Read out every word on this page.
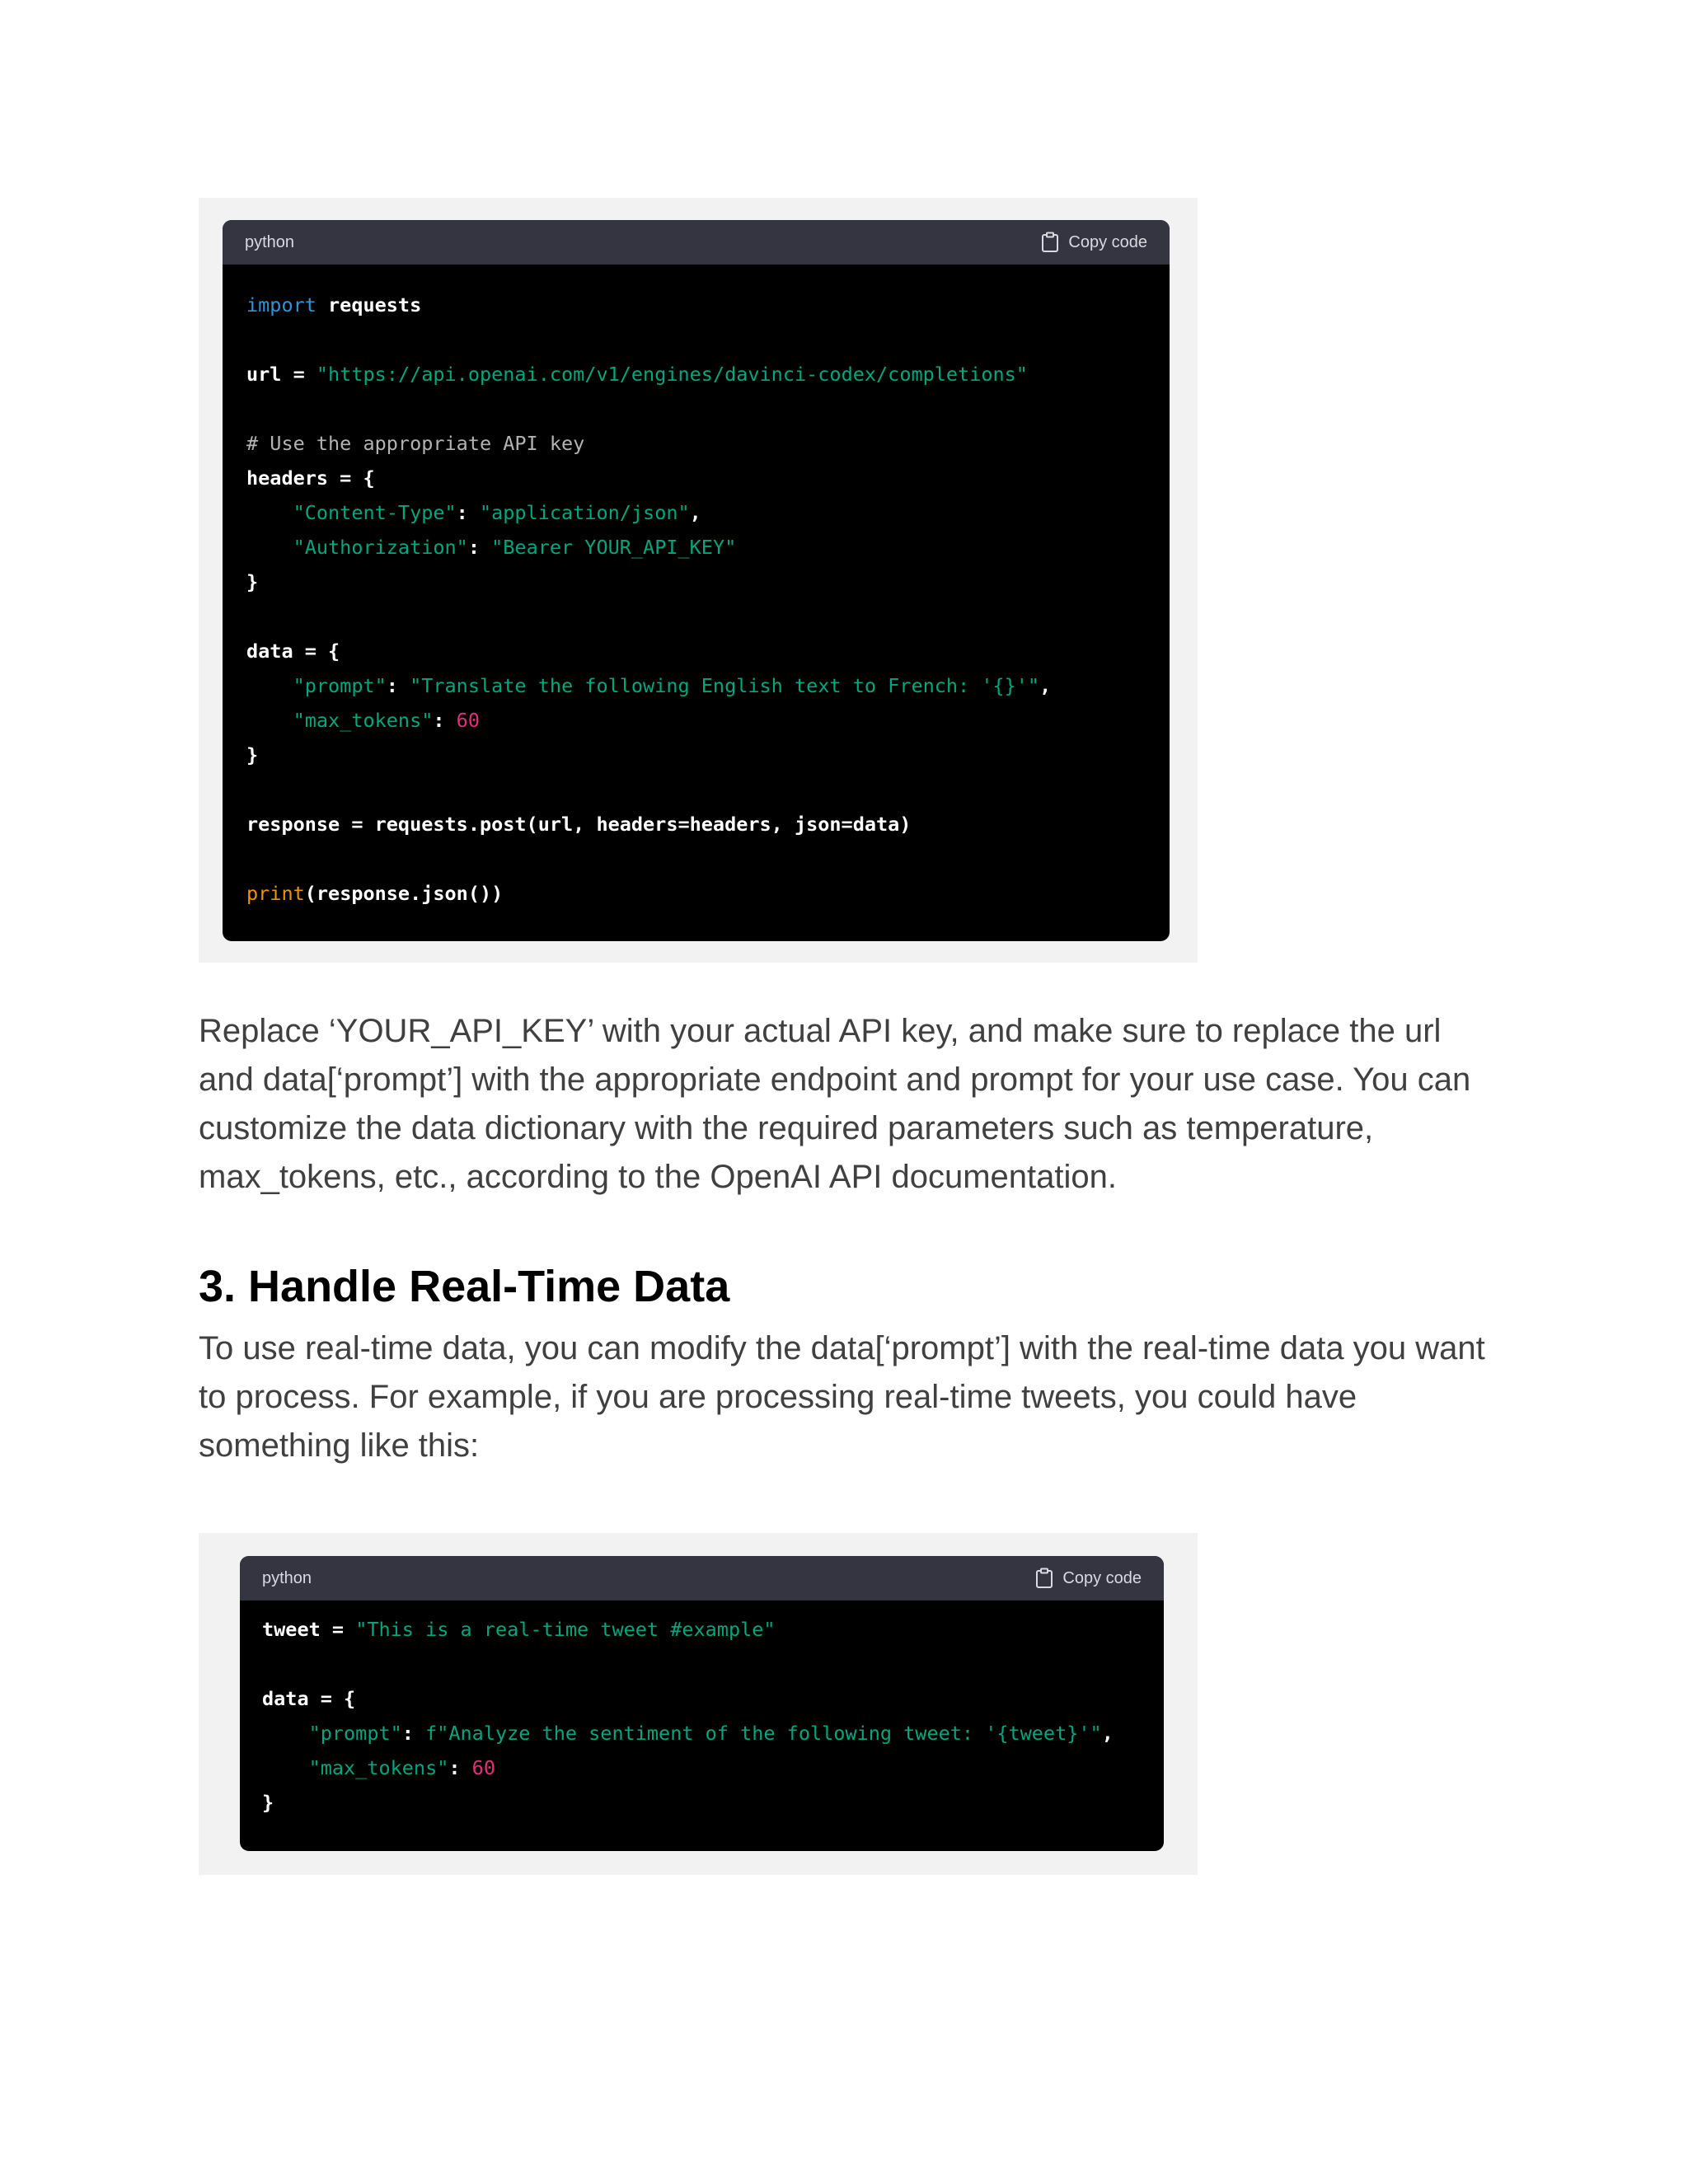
python	Copy code
import requests

url = "https://api.openai.com/v1/engines/davinci-codex/completions"

# Use the appropriate API key
headers = {
"Content-Type": "application/json",
"Authorization": "Bearer YOUR_API_KEY"
}

data = {
"prompt": "Translate the following English text to French: '{}'",
"max_tokens": 60
}

response = requests.post(url, headers=headers, json=data)

print(response.json())

Replace ‘YOUR_API_KEY’ with your actual API key, and make sure to replace the url and data[‘prompt’] with the appropriate endpoint and prompt for your use case. You can customize the data dictionary with the required parameters such as temperature, max_tokens, etc., according to the OpenAI API documentation.

3. Handle Real-Time Data

To use real-time data, you can modify the data[‘prompt’] with the real-time data you want to process. For example, if you are processing real-time tweets, you could have something like this:

python	Copy code
tweet = "This is a real-time tweet #example"

data = {
"prompt": f"Analyze the sentiment of the following tweet: '{tweet}'",
"max_tokens": 60
}
